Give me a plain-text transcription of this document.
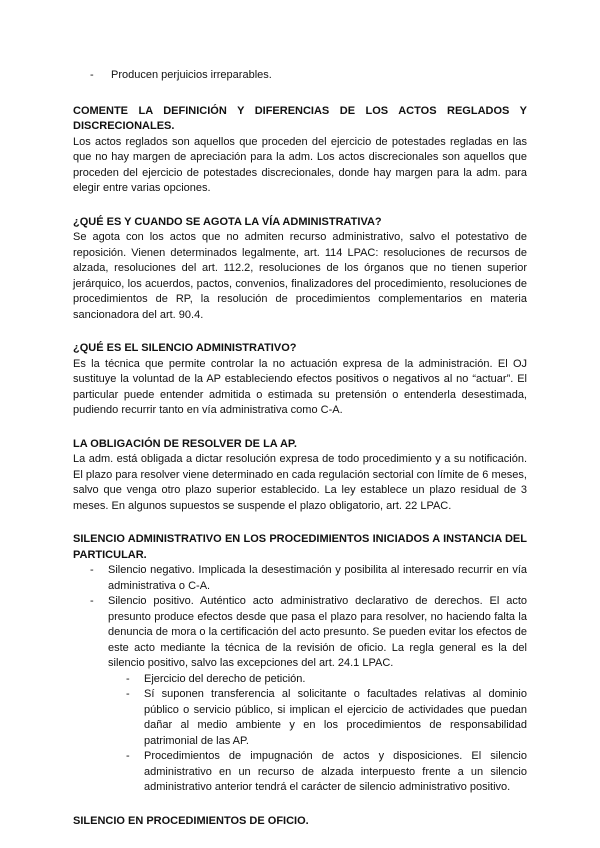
- Producen perjuicios irreparables.
COMENTE LA DEFINICIÓN Y DIFERENCIAS DE LOS ACTOS REGLADOS Y DISCRECIONALES.

Los actos reglados son aquellos que proceden del ejercicio de potestades regladas en las que no hay margen de apreciación para la adm. Los actos discrecionales son aquellos que proceden del ejercicio de potestades discrecionales, donde hay margen para la adm. para elegir entre varias opciones.

¿QUÉ ES Y CUANDO SE AGOTA LA VÍA ADMINISTRATIVA?

Se agota con los actos que no admiten recurso administrativo, salvo el potestativo de reposición. Vienen determinados legalmente, art. 114 LPAC: resoluciones de recursos de alzada, resoluciones del art. 112.2, resoluciones de los órganos que no tienen superior jerárquico, los acuerdos, pactos, convenios, finalizadores del procedimiento, resoluciones de procedimientos de RP, la resolución de procedimientos complementarios en materia sancionadora del art. 90.4.

¿QUÉ ES EL SILENCIO ADMINISTRATIVO?

Es la técnica que permite controlar la no actuación expresa de la administración. El OJ sustituye la voluntad de la AP estableciendo efectos positivos o negativos al no “actuar”. El particular puede entender admitida o estimada su pretensión o entenderla desestimada, pudiendo recurrir tanto en vía administrativa como C-A.

LA OBLIGACIÓN DE RESOLVER DE LA AP.

La adm. está obligada a dictar resolución expresa de todo procedimiento y a su notificación. El plazo para resolver viene determinado en cada regulación sectorial con límite de 6 meses, salvo que venga otro plazo superior establecido. La ley establece un plazo residual de 3 meses. En algunos supuestos se suspende el plazo obligatorio, art. 22 LPAC.

SILENCIO ADMINISTRATIVO EN LOS PROCEDIMIENTOS INICIADOS A INSTANCIA DEL PARTICULAR.
- Silencio negativo. Implicada la desestimación y posibilita al interesado recurrir en vía administrativa o C-A.
- Silencio positivo. Auténtico acto administrativo declarativo de derechos. El acto presunto produce efectos desde que pasa el plazo para resolver, no haciendo falta la denuncia de mora o la certificación del acto presunto. Se pueden evitar los efectos de este acto mediante la técnica de la revisión de oficio. La regla general es la del silencio positivo, salvo las excepciones del art. 24.1 LPAC.
- Ejercicio del derecho de petición.
- Sí suponen transferencia al solicitante o facultades relativas al dominio público o servicio público, si implican el ejercicio de actividades que puedan dañar al medio ambiente y en los procedimientos de responsabilidad patrimonial de las AP.
- Procedimientos de impugnación de actos y disposiciones. El silencio administrativo en un recurso de alzada interpuesto frente a un silencio administrativo anterior tendrá el carácter de silencio administrativo positivo.
SILENCIO EN PROCEDIMIENTOS DE OFICIO.
